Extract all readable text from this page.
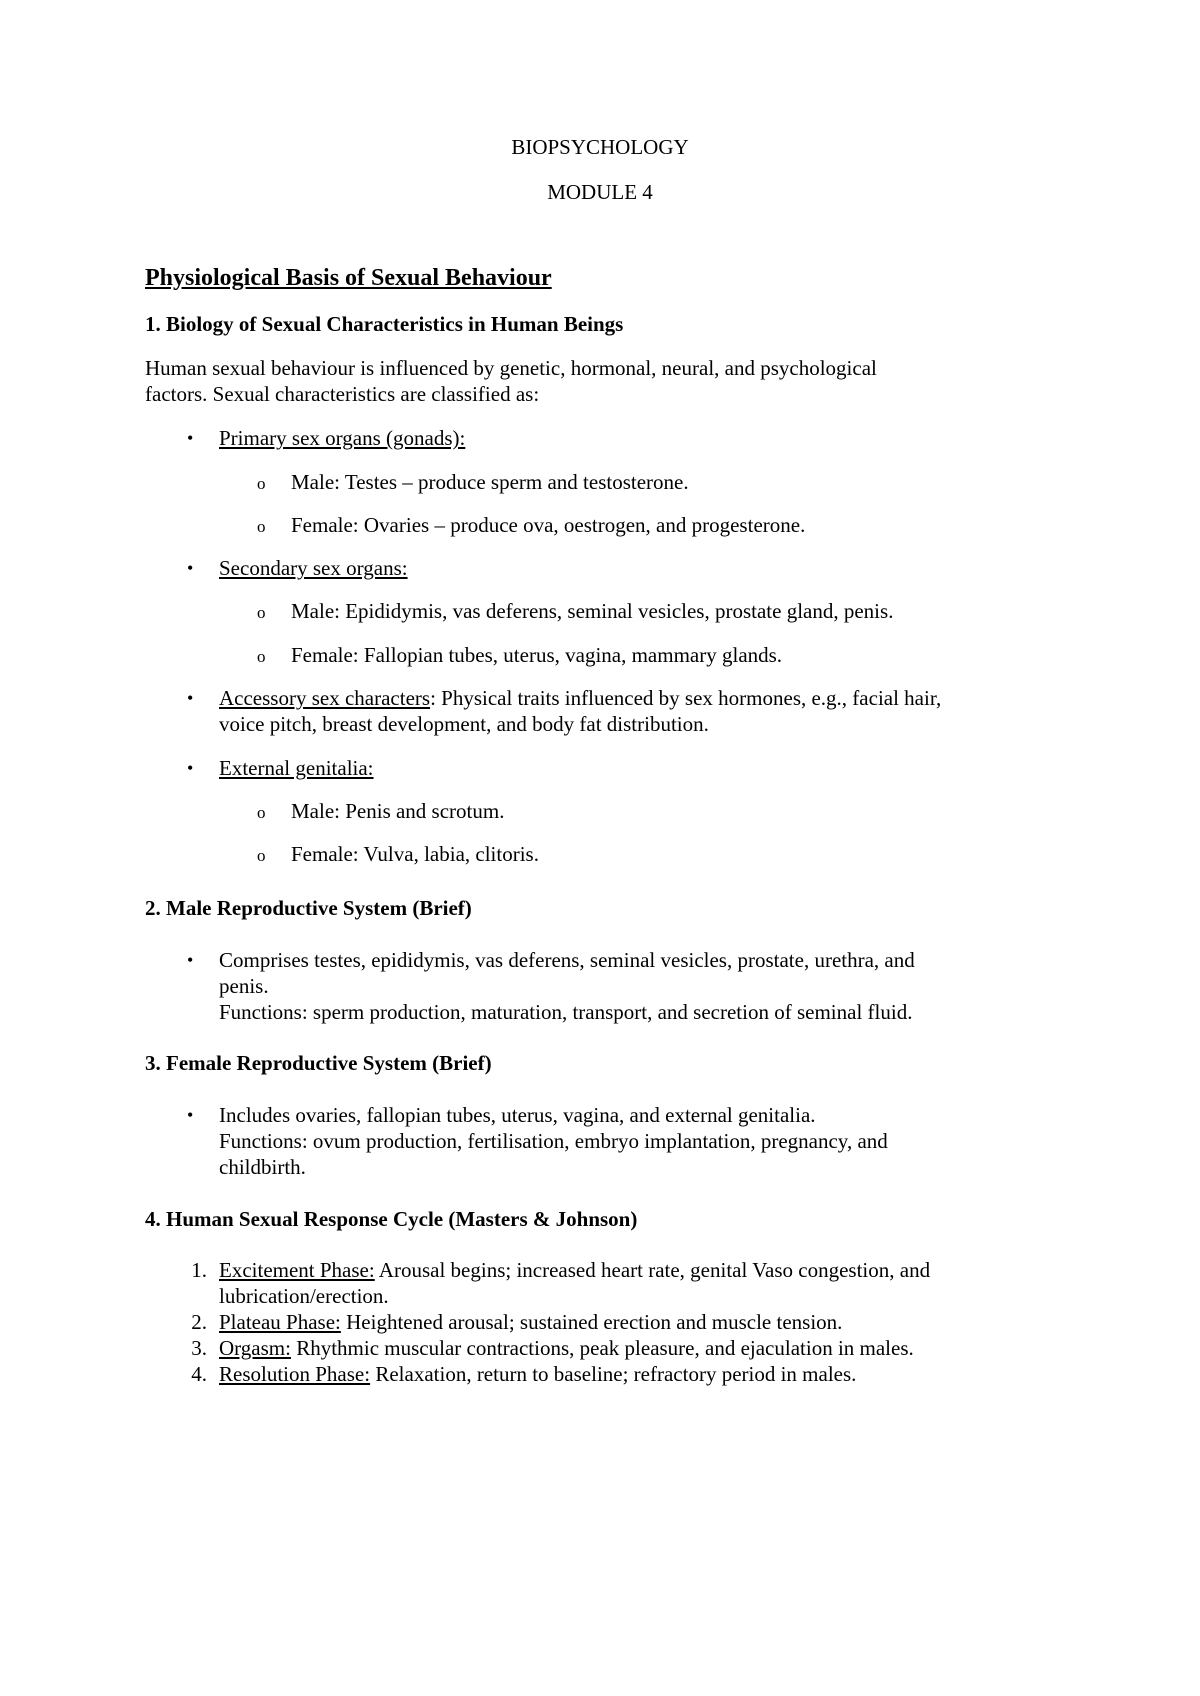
BIOPSYCHOLOGY
MODULE 4
Physiological Basis of Sexual Behaviour
1. Biology of Sexual Characteristics in Human Beings

Human sexual behaviour is influenced by genetic, hormonal, neural, and psychological

factors. Sexual characteristics are classified as:

• Primary sex organs (gonads):
o Male: Testes – produce sperm and testosterone.
o Female: Ovaries – produce ova, oestrogen, and progesterone.
• Secondary sex organs:
o Male: Epididymis, vas deferens, seminal vesicles, prostate gland, penis.
o Female: Fallopian tubes, uterus, vagina, mammary glands.
• Accessory sex characters: Physical traits influenced by sex hormones, e.g., facial hair,
voice pitch, breast development, and body fat distribution.
• External genitalia:
o Male: Penis and scrotum.
o Female: Vulva, labia, clitoris.
2. Male Reproductive System (Brief)
• Comprises testes, epididymis, vas deferens, seminal vesicles, prostate, urethra, and
penis.
Functions: sperm production, maturation, transport, and secretion of seminal fluid.
3. Female Reproductive System (Brief)
• Includes ovaries, fallopian tubes, uterus, vagina, and external genitalia.
Functions: ovum production, fertilisation, embryo implantation, pregnancy, and
childbirth.
4. Human Sexual Response Cycle (Masters & Johnson)
1. Excitement Phase: Arousal begins; increased heart rate, genital Vaso congestion, and
lubrication/erection.
2. Plateau Phase: Heightened arousal; sustained erection and muscle tension.
3. Orgasm: Rhythmic muscular contractions, peak pleasure, and ejaculation in males.
4. Resolution Phase: Relaxation, return to baseline; refractory period in males.
